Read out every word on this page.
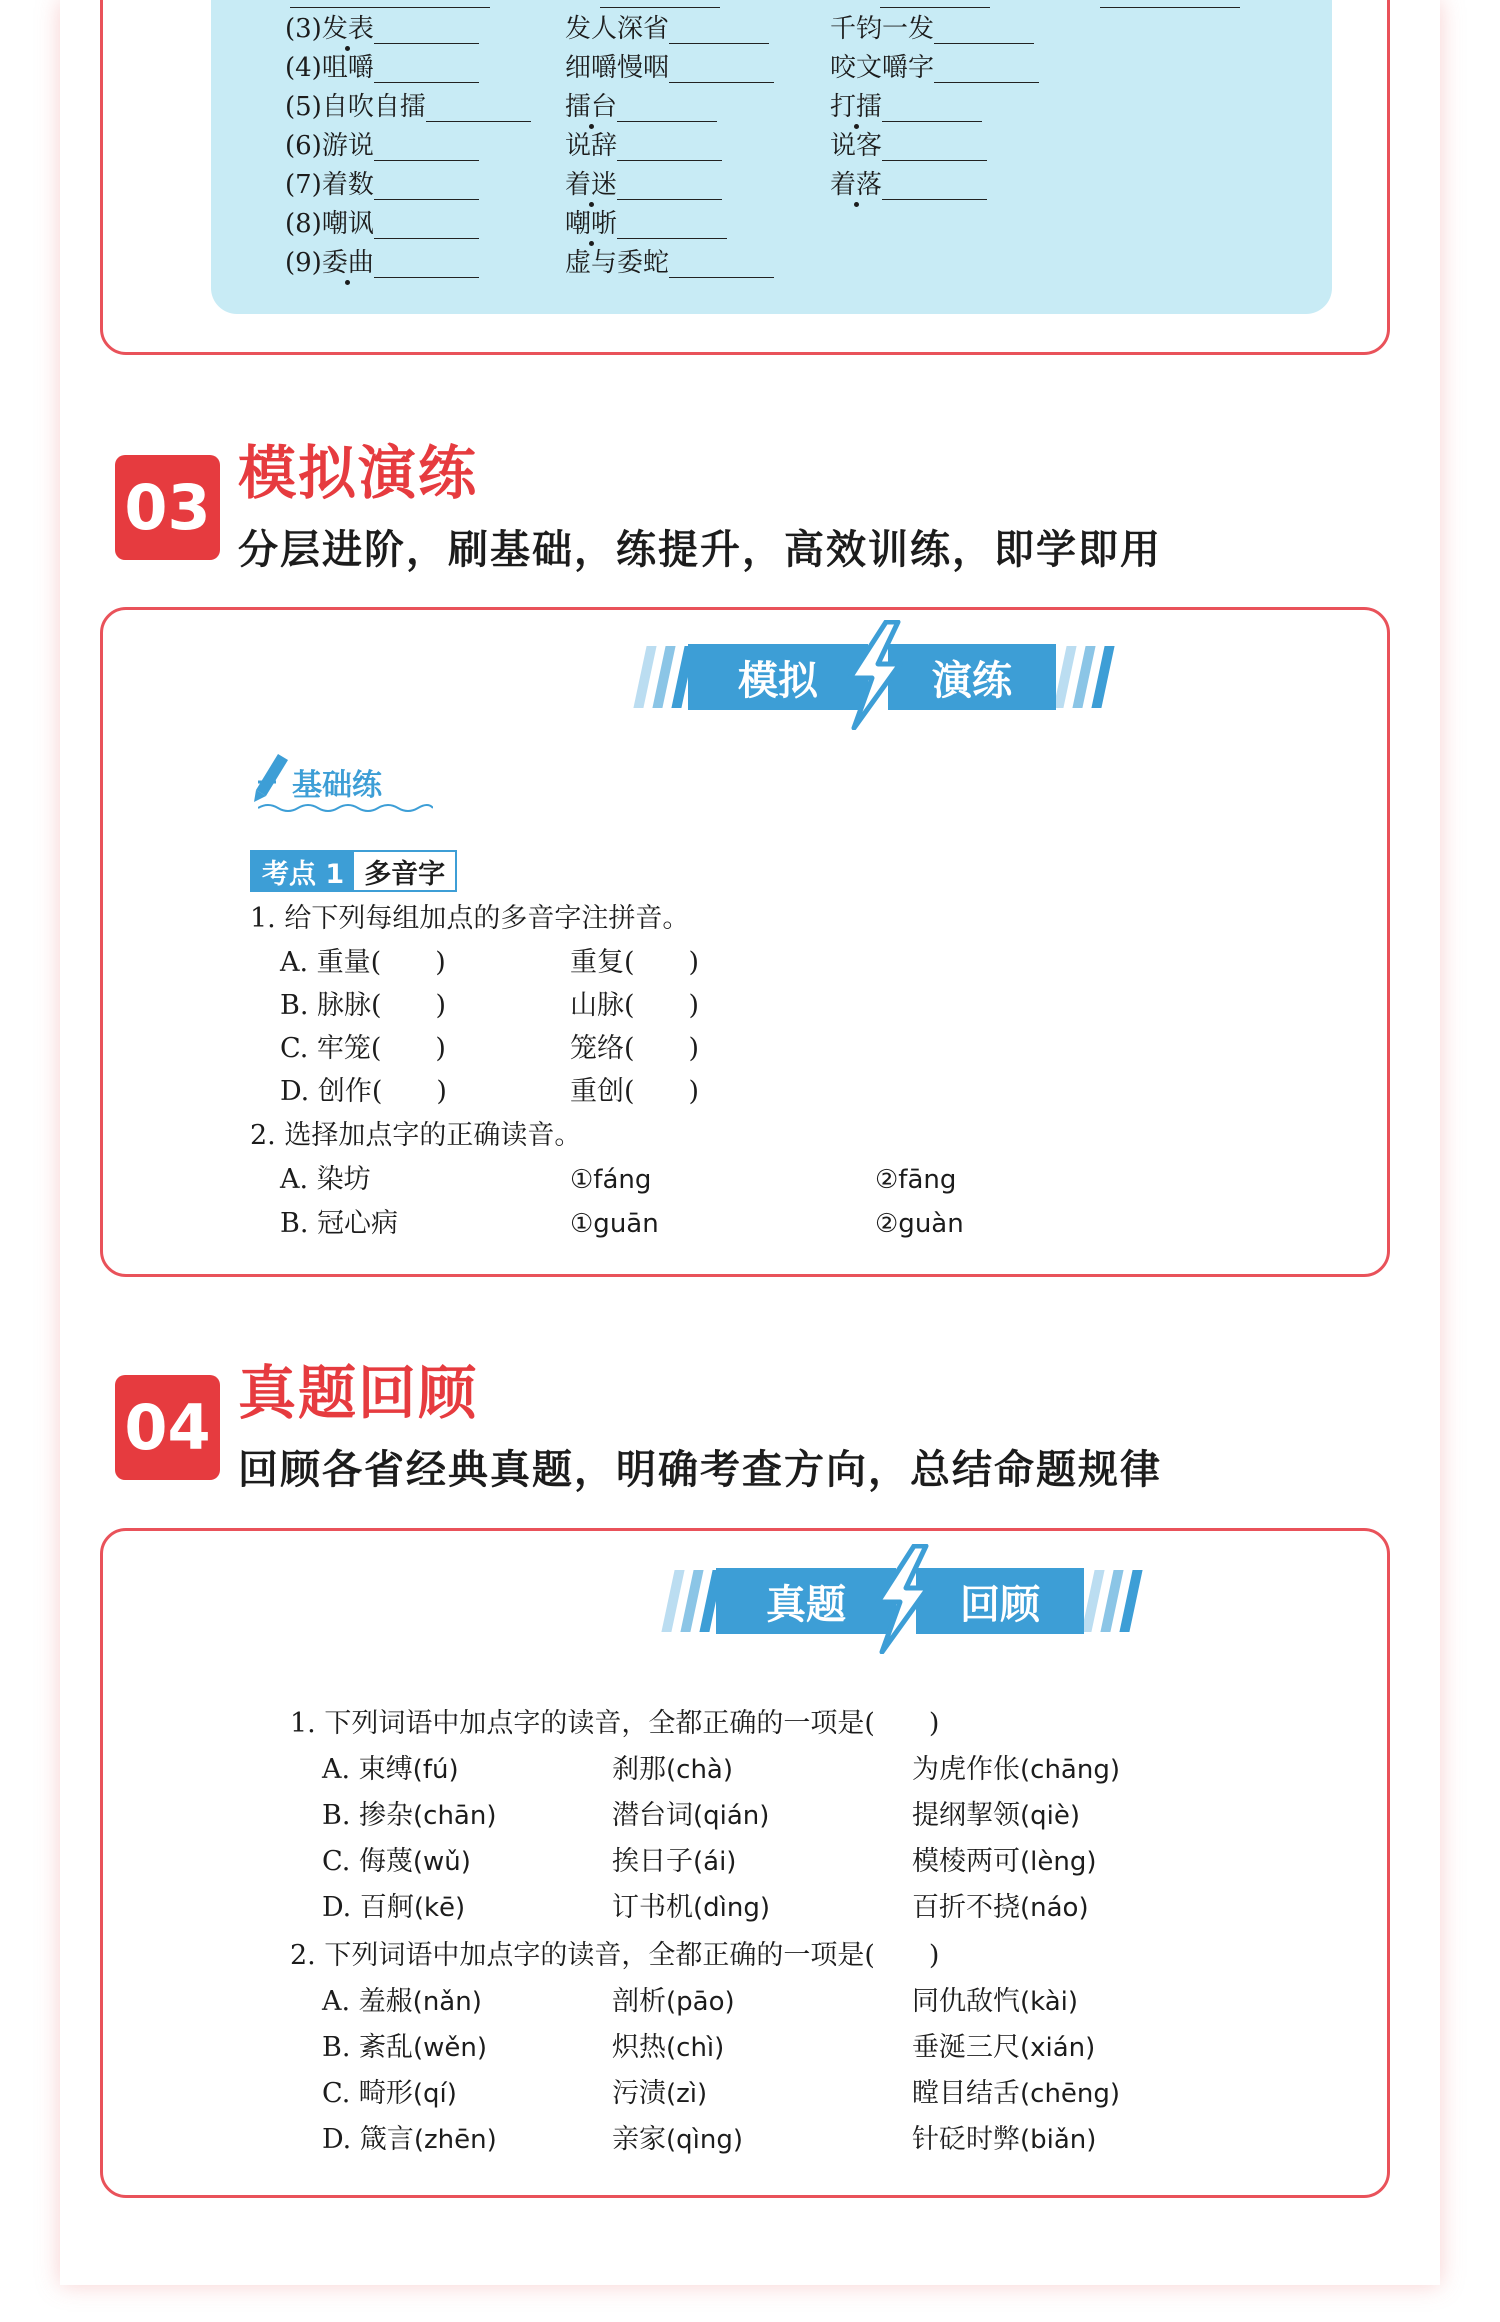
(3)发表	发人深省	千钧一发
(4)咀嚼	细嚼慢咽	咬文嚼字
(5)自吹自擂	擂台	打擂
(6)游说	说辞	说客
(7)着数	着迷	着落
(8)嘲讽	嘲哳
(9)委曲	虚与委蛇
03 模拟演练
分层进阶，刷基础，练提升，高效训练，即学即用
模拟	演练
基础练
考点 1 多音字
1. 给下列每组加点的多音字注拼音。
A. 重量(　　)	重复(　　)
B. 脉脉(　　)	山脉(　　)
C. 牢笼(　　)	笼络(　　)
D. 创作(　　)	重创(　　)
2. 选择加点字的正确读音。
A. 染坊	①fáng	②fāng
B. 冠心病	①guān	②guàn
04 真题回顾
回顾各省经典真题，明确考查方向，总结命题规律
真题	回顾
1. 下列词语中加点字的读音，全都正确的一项是(　　)
A. 束缚(fú)	刹那(chà)	为虎作伥(chāng)
B. 掺杂(chān)	潜台词(qián)	提纲挈领(qiè)
C. 侮蔑(wǔ)	挨日子(ái)	模棱两可(lèng)
D. 百舸(kē)	订书机(dìng)	百折不挠(náo)
2. 下列词语中加点字的读音，全都正确的一项是(　　)
A. 羞赧(nǎn)	剖析(pāo)	同仇敌忾(kài)
B. 紊乱(wěn)	炽热(chì)	垂涎三尺(xián)
C. 畸形(qí)	污渍(zì)	瞠目结舌(chēng)
D. 箴言(zhēn)	亲家(qìng)	针砭时弊(biǎn)
